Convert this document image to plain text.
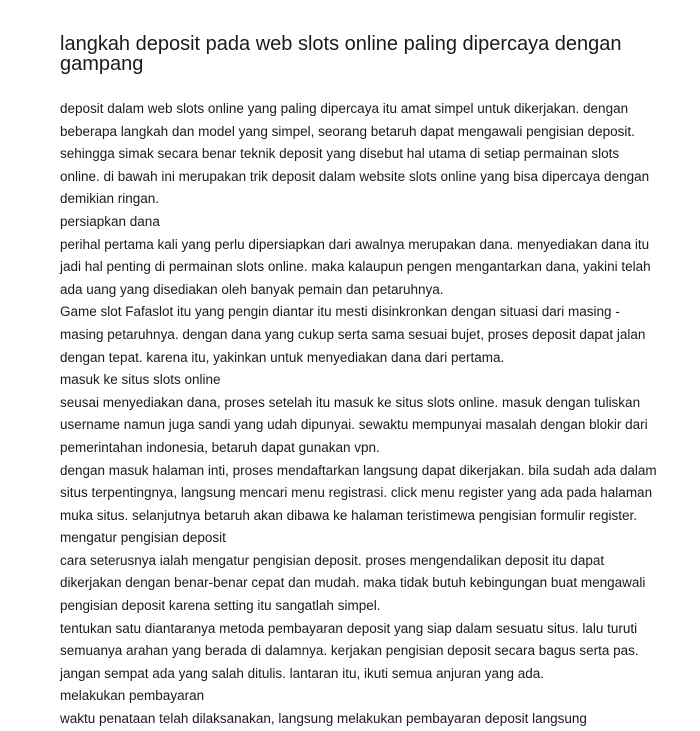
langkah deposit pada web slots online paling dipercaya dengan gampang

deposit dalam web slots online yang paling dipercaya itu amat simpel untuk dikerjakan. dengan beberapa langkah dan model yang simpel, seorang betaruh dapat mengawali pengisian deposit. sehingga simak secara benar teknik deposit yang disebut hal utama di setiap permainan slots online. di bawah ini merupakan trik deposit dalam website slots online yang bisa dipercaya dengan demikian ringan.

persiapkan dana

perihal pertama kali yang perlu dipersiapkan dari awalnya merupakan dana. menyediakan dana itu jadi hal penting di permainan slots online. maka kalaupun pengen mengantarkan dana, yakini telah ada uang yang disediakan oleh banyak pemain dan petaruhnya.

Game slot Fafaslot itu yang pengin diantar itu mesti disinkronkan dengan situasi dari masing - masing petaruhnya. dengan dana yang cukup serta sama sesuai bujet, proses deposit dapat jalan dengan tepat. karena itu, yakinkan untuk menyediakan dana dari pertama.

masuk ke situs slots online

seusai menyediakan dana, proses setelah itu masuk ke situs slots online. masuk dengan tuliskan username namun juga sandi yang udah dipunyai. sewaktu mempunyai masalah dengan blokir dari pemerintahan indonesia, betaruh dapat gunakan vpn.

dengan masuk halaman inti, proses mendaftarkan langsung dapat dikerjakan. bila sudah ada dalam situs terpentingnya, langsung mencari menu registrasi. click menu register yang ada pada halaman muka situs. selanjutnya betaruh akan dibawa ke halaman teristimewa pengisian formulir register.

mengatur pengisian deposit

cara seterusnya ialah mengatur pengisian deposit. proses mengendalikan deposit itu dapat dikerjakan dengan benar-benar cepat dan mudah. maka tidak butuh kebingungan buat mengawali pengisian deposit karena setting itu sangatlah simpel.

tentukan satu diantaranya metoda pembayaran deposit yang siap dalam sesuatu situs. lalu turuti semuanya arahan yang berada di dalamnya. kerjakan pengisian deposit secara bagus serta pas. jangan sempat ada yang salah ditulis. lantaran itu, ikuti semua anjuran yang ada.

melakukan pembayaran

waktu penataan telah dilaksanakan, langsung melakukan pembayaran deposit langsung
